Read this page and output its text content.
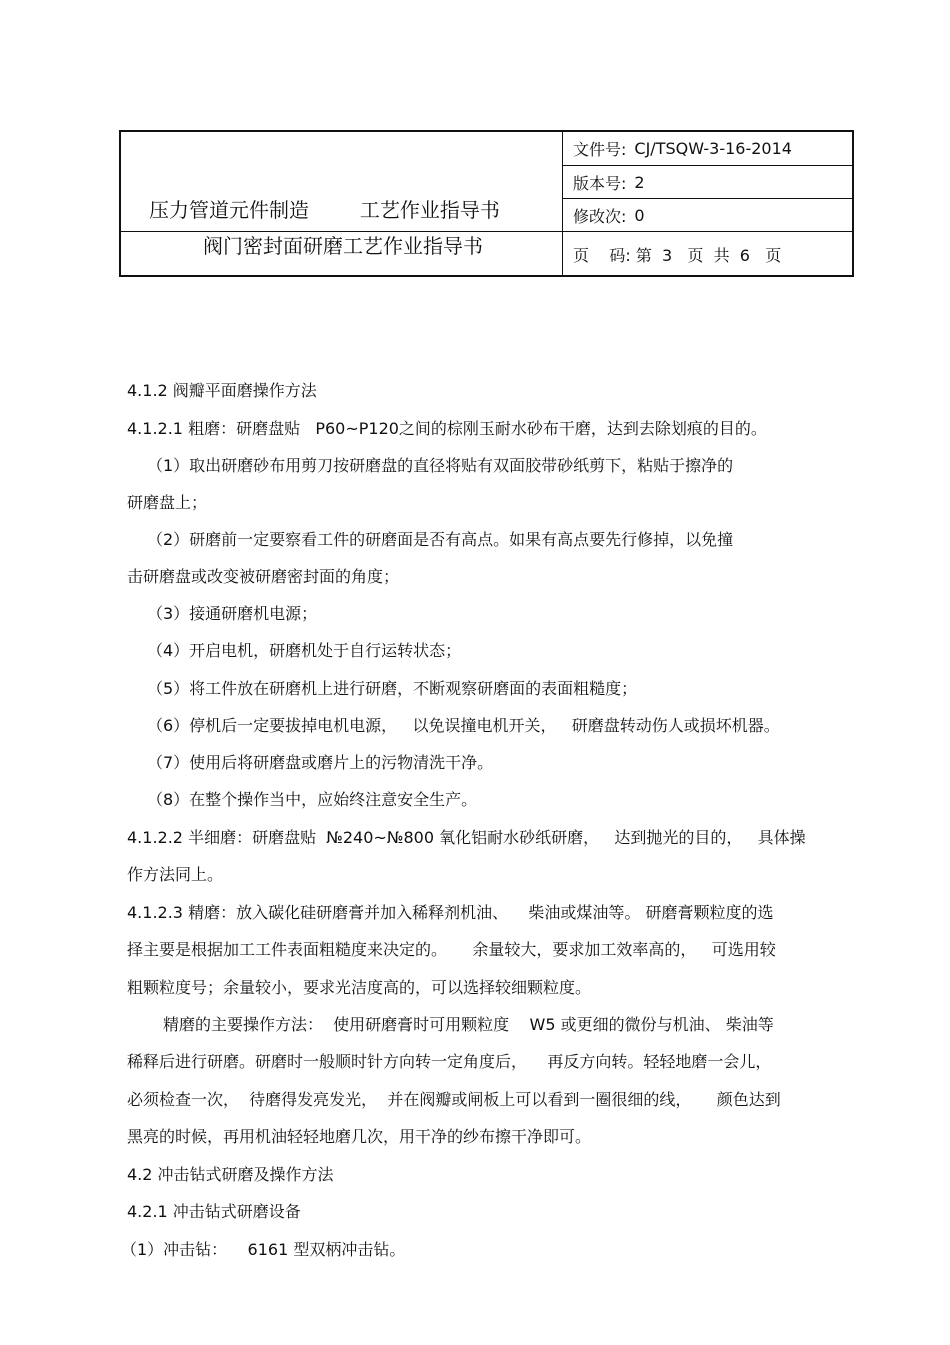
压力管道元件制造        工艺作业指导书
阀门密封面研磨工艺作业指导书
文件号: CJ/TSQW-3-16-2014
版本号: 2
修改次: 0
页    码: 第  3   页  共  6   页
4.1.2 阀瓣平面磨操作方法
4.1.2.1 粗磨：研磨盘贴   P60~P120之间的棕刚玉耐水砂布干磨，达到去除划痕的目的。
（1）取出研磨砂布用剪刀按研磨盘的直径将贴有双面胶带砂纸剪下，粘贴于擦净的
研磨盘上；
（2）研磨前一定要察看工件的研磨面是否有高点。如果有高点要先行修掉，以免撞
击研磨盘或改变被研磨密封面的角度；
（3）接通研磨机电源；
（4）开启电机，研磨机处于自行运转状态；
（5）将工件放在研磨机上进行研磨，不断观察研磨面的表面粗糙度；
（6）停机后一定要拔掉电机电源，   以免误撞电机开关，   研磨盘转动伤人或损坏机器。
（7）使用后将研磨盘或磨片上的污物清洗干净。
（8）在整个操作当中，应始终注意安全生产。
4.1.2.2 半细磨：研磨盘贴  №240~№800 氧化铝耐水砂纸研磨，   达到抛光的目的，   具体操
作方法同上。
4.1.2.3 精磨：放入碳化硅研磨膏并加入稀释剂机油、    柴油或煤油等。 研磨膏颗粒度的选
择主要是根据加工工件表面粗糙度来决定的。     余量较大，要求加工效率高的，   可选用较
粗颗粒度号；余量较小，要求光洁度高的，可以选择较细颗粒度。
精磨的主要操作方法：  使用研磨膏时可用颗粒度    W5 或更细的微份与机油、 柴油等
稀释后进行研磨。研磨时一般顺时针方向转一定角度后，    再反方向转。轻轻地磨一会儿，
必须检查一次，  待磨得发亮发光，  并在阀瓣或闸板上可以看到一圈很细的线，     颜色达到
黑亮的时候，再用机油轻轻地磨几次，用干净的纱布擦干净即可。
4.2 冲击钻式研磨及操作方法
4.2.1 冲击钻式研磨设备
（1）冲击钻：    6161 型双柄冲击钻。
